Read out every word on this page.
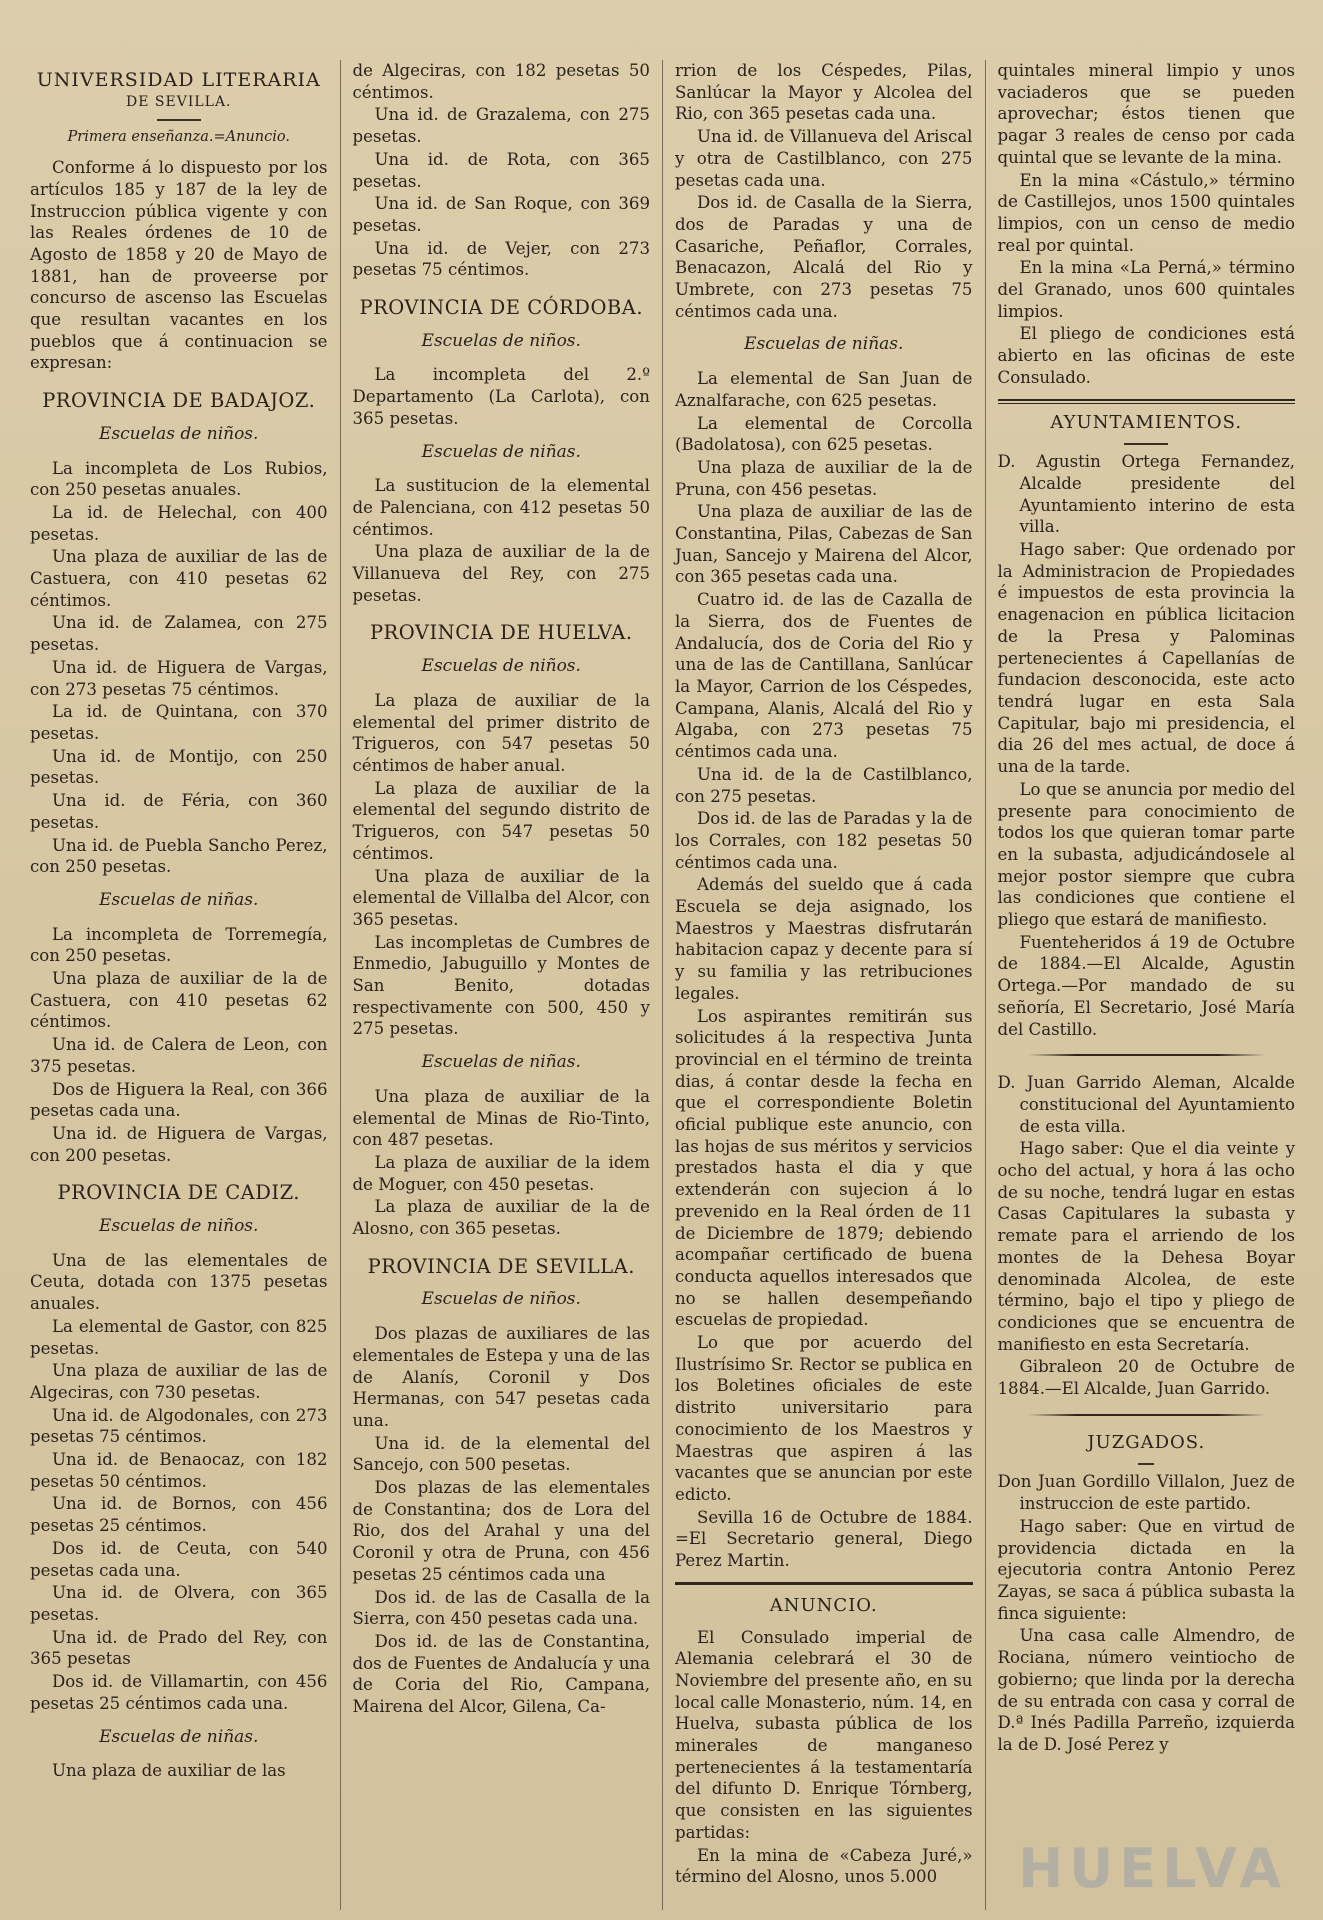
UNIVERSIDAD LITERARIA
DE SEVILLA.
Primera enseñanza.=Anuncio.

Conforme á lo dispuesto por los artículos 185 y 187 de la ley de Instruccion pública vigente y con las Reales órdenes de 10 de Agosto de 1858 y 20 de Mayo de 1881, han de proveerse por concurso de ascenso las Escuelas que resultan vacantes en los pueblos que á continuacion se expresan:

PROVINCIA DE BADAJOZ.
Escuelas de niños.

La incompleta de Los Rubios, con 250 pesetas anuales.

La id. de Helechal, con 400 pesetas.

Una plaza de auxiliar de las de Castuera, con 410 pesetas 62 céntimos.

Una id. de Zalamea, con 275 pesetas.

Una id. de Higuera de Vargas, con 273 pesetas 75 céntimos.

La id. de Quintana, con 370 pesetas.

Una id. de Montijo, con 250 pesetas.

Una id. de Féria, con 360 pesetas.

Una id. de Puebla Sancho Perez, con 250 pesetas.

Escuelas de niñas.

La incompleta de Torremegía, con 250 pesetas.

Una plaza de auxiliar de la de Castuera, con 410 pesetas 62 céntimos.

Una id. de Calera de Leon, con 375 pesetas.

Dos de Higuera la Real, con 366 pesetas cada una.

Una id. de Higuera de Vargas, con 200 pesetas.

PROVINCIA DE CADIZ.
Escuelas de niños.

Una de las elementales de Ceuta, dotada con 1375 pesetas anuales.

La elemental de Gastor, con 825 pesetas.

Una plaza de auxiliar de las de Algeciras, con 730 pesetas.

Una id. de Algodonales, con 273 pesetas 75 céntimos.

Una id. de Benaocaz, con 182 pesetas 50 céntimos.

Una id. de Bornos, con 456 pesetas 25 céntimos.

Dos id. de Ceuta, con 540 pesetas cada una.

Una id. de Olvera, con 365 pesetas.

Una id. de Prado del Rey, con 365 pesetas

Dos id. de Villamartin, con 456 pesetas 25 céntimos cada una.

Escuelas de niñas.

Una plaza de auxiliar de las

de Algeciras, con 182 pesetas 50 céntimos.

Una id. de Grazalema, con 275 pesetas.

Una id. de Rota, con 365 pesetas.

Una id. de San Roque, con 369 pesetas.

Una id. de Vejer, con 273 pesetas 75 céntimos.

PROVINCIA DE CÓRDOBA.
Escuelas de niños.

La incompleta del 2.º Departamento (La Carlota), con 365 pesetas.

Escuelas de niñas.

La sustitucion de la elemental de Palenciana, con 412 pesetas 50 céntimos.

Una plaza de auxiliar de la de Villanueva del Rey, con 275 pesetas.

PROVINCIA DE HUELVA.
Escuelas de niños.

La plaza de auxiliar de la elemental del primer distrito de Trigueros, con 547 pesetas 50 céntimos de haber anual.

La plaza de auxiliar de la elemental del segundo distrito de Trigueros, con 547 pesetas 50 céntimos.

Una plaza de auxiliar de la elemental de Villalba del Alcor, con 365 pesetas.

Las incompletas de Cumbres de Enmedio, Jabuguillo y Montes de San Benito, dotadas respectivamente con 500, 450 y 275 pesetas.

Escuelas de niñas.

Una plaza de auxiliar de la elemental de Minas de Rio-Tinto, con 487 pesetas.

La plaza de auxiliar de la idem de Moguer, con 450 pesetas.

La plaza de auxiliar de la de Alosno, con 365 pesetas.

PROVINCIA DE SEVILLA.
Escuelas de niños.

Dos plazas de auxiliares de las elementales de Estepa y una de las de Alanís, Coronil y Dos Hermanas, con 547 pesetas cada una.

Una id. de la elemental del Sancejo, con 500 pesetas.

Dos plazas de las elementales de Constantina; dos de Lora del Rio, dos del Arahal y una del Coronil y otra de Pruna, con 456 pesetas 25 céntimos cada una

Dos id. de las de Casalla de la Sierra, con 450 pesetas cada una.

Dos id. de las de Constantina, dos de Fuentes de Andalucía y una de Coria del Rio, Campana, Mairena del Alcor, Gilena, Ca-

rrion de los Céspedes, Pilas, Sanlúcar la Mayor y Alcolea del Rio, con 365 pesetas cada una.

Una id. de Villanueva del Ariscal y otra de Castilblanco, con 275 pesetas cada una.

Dos id. de Casalla de la Sierra, dos de Paradas y una de Casariche, Peñaflor, Corrales, Benacazon, Alcalá del Rio y Umbrete, con 273 pesetas 75 céntimos cada una.

Escuelas de niñas.

La elemental de San Juan de Aznalfarache, con 625 pesetas.

La elemental de Corcolla (Badolatosa), con 625 pesetas.

Una plaza de auxiliar de la de Pruna, con 456 pesetas.

Una plaza de auxiliar de las de Constantina, Pilas, Cabezas de San Juan, Sancejo y Mairena del Alcor, con 365 pesetas cada una.

Cuatro id. de las de Cazalla de la Sierra, dos de Fuentes de Andalucía, dos de Coria del Rio y una de las de Cantillana, Sanlúcar la Mayor, Carrion de los Céspedes, Campana, Alanis, Alcalá del Rio y Algaba, con 273 pesetas 75 céntimos cada una.

Una id. de la de Castilblanco, con 275 pesetas.

Dos id. de las de Paradas y la de los Corrales, con 182 pesetas 50 céntimos cada una.

Además del sueldo que á cada Escuela se deja asignado, los Maestros y Maestras disfrutarán habitacion capaz y decente para sí y su familia y las retribuciones legales.

Los aspirantes remitirán sus solicitudes á la respectiva Junta provincial en el término de treinta dias, á contar desde la fecha en que el correspondiente Boletin oficial publique este anuncio, con las hojas de sus méritos y servicios prestados hasta el dia y que extenderán con sujecion á lo prevenido en la Real órden de 11 de Diciembre de 1879; debiendo acompañar certificado de buena conducta aquellos interesados que no se hallen desempeñando escuelas de propiedad.

Lo que por acuerdo del Ilustrísimo Sr. Rector se publica en los Boletines oficiales de este distrito universitario para conocimiento de los Maestros y Maestras que aspiren á las vacantes que se anuncian por este edicto.

Sevilla 16 de Octubre de 1884. =El Secretario general, Diego Perez Martin.

ANUNCIO.

El Consulado imperial de Alemania celebrará el 30 de Noviembre del presente año, en su local calle Monasterio, núm. 14, en Huelva, subasta pública de los minerales de manganeso pertenecientes á la testamentaría del difunto D. Enrique Tórnberg, que consisten en las siguientes partidas:

En la mina de «Cabeza Juré,» término del Alosno, unos 5.000

quintales mineral limpio y unos vaciaderos que se pueden aprovechar; éstos tienen que pagar 3 reales de censo por cada quintal que se levante de la mina.

En la mina «Cástulo,» término de Castillejos, unos 1500 quintales limpios, con un censo de medio real por quintal.

En la mina «La Perná,» término del Granado, unos 600 quintales limpios.

El pliego de condiciones está abierto en las oficinas de este Consulado.

AYUNTAMIENTOS.

D. Agustin Ortega Fernandez, Alcalde presidente del Ayuntamiento interino de esta villa.

Hago saber: Que ordenado por la Administracion de Propiedades é impuestos de esta provincia la enagenacion en pública licitacion de la Presa y Palominas pertenecientes á Capellanías de fundacion desconocida, este acto tendrá lugar en esta Sala Capitular, bajo mi presidencia, el dia 26 del mes actual, de doce á una de la tarde.

Lo que se anuncia por medio del presente para conocimiento de todos los que quieran tomar parte en la subasta, adjudicándosele al mejor postor siempre que cubra las condiciones que contiene el pliego que estará de manifiesto.

Fuenteheridos á 19 de Octubre de 1884.—El Alcalde, Agustin Ortega.—Por mandado de su señoría, El Secretario, José María del Castillo.

D. Juan Garrido Aleman, Alcalde constitucional del Ayuntamiento de esta villa.

Hago saber: Que el dia veinte y ocho del actual, y hora á las ocho de su noche, tendrá lugar en estas Casas Capitulares la subasta y remate para el arriendo de los montes de la Dehesa Boyar denominada Alcolea, de este término, bajo el tipo y pliego de condiciones que se encuentra de manifiesto en esta Secretaría.

Gibraleon 20 de Octubre de 1884.—El Alcalde, Juan Garrido.

JUZGADOS.

Don Juan Gordillo Villalon, Juez de instruccion de este partido.

Hago saber: Que en virtud de providencia dictada en la ejecutoria contra Antonio Perez Zayas, se saca á pública subasta la finca siguiente:

Una casa calle Almendro, de Rociana, número veintiocho de gobierno; que linda por la derecha de su entrada con casa y corral de D.ª Inés Padilla Parreño, izquierda la de D. José Perez y

HUELVA
